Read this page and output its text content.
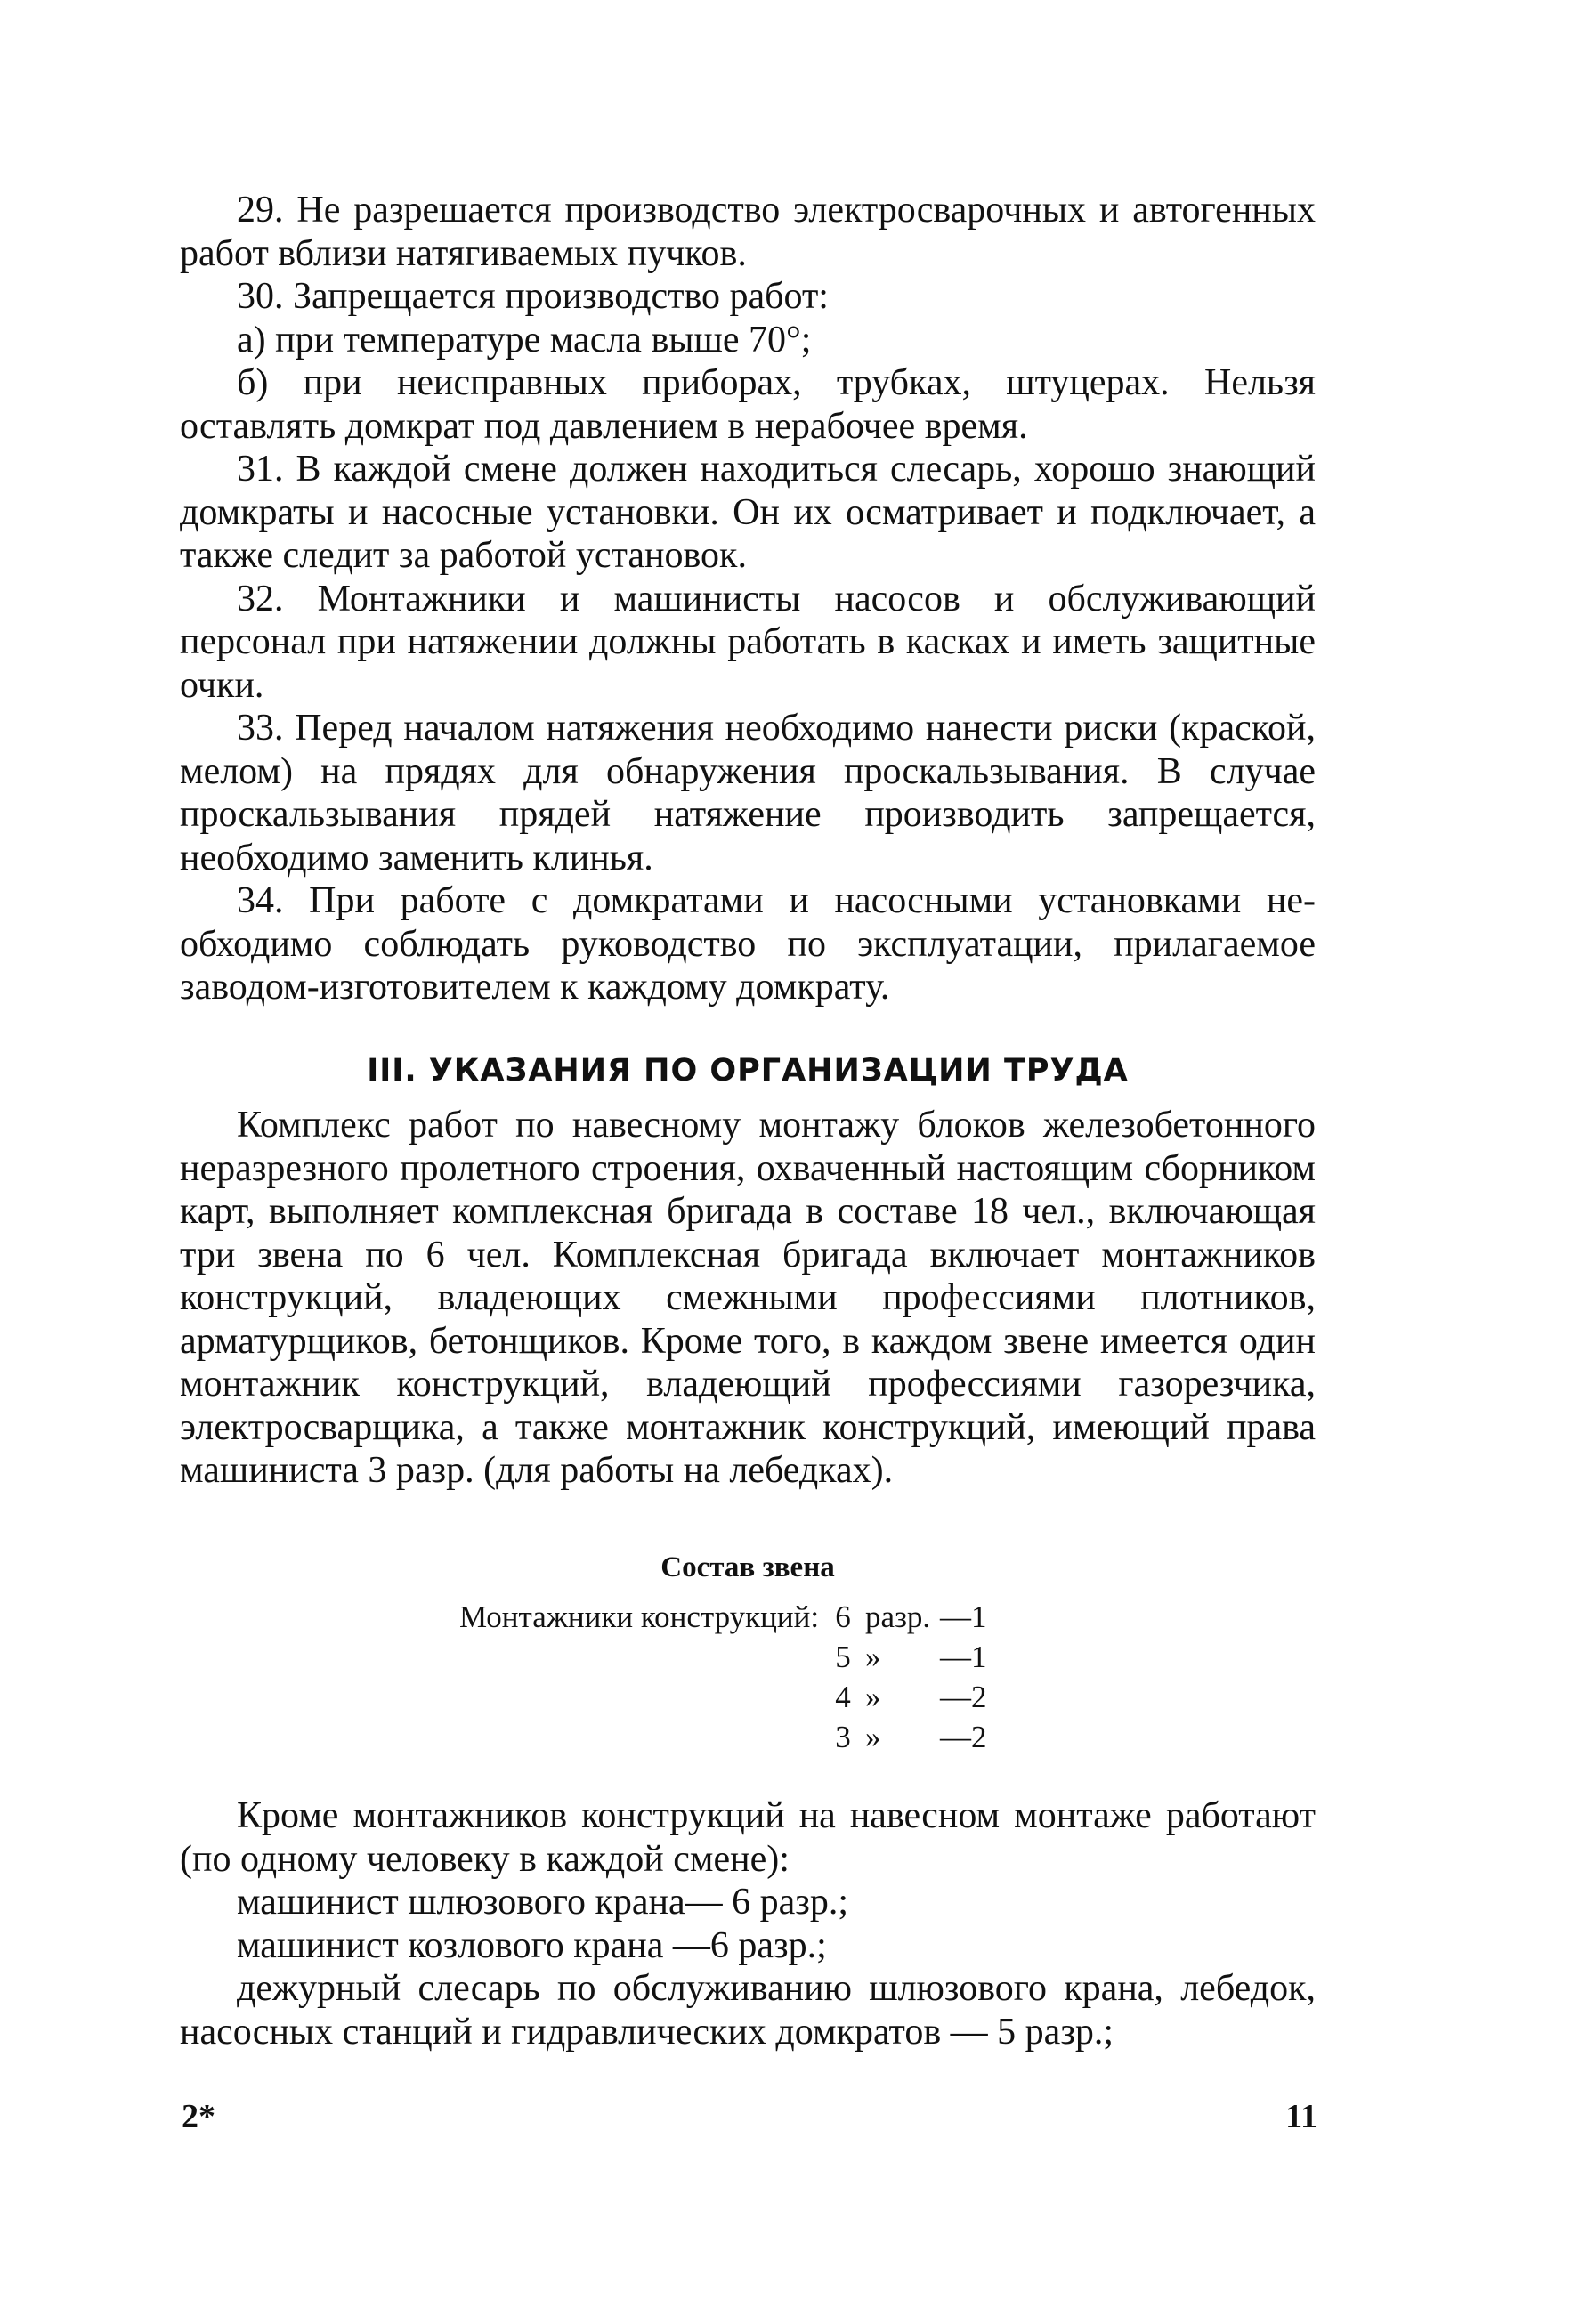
29. Не разрешается производство электросварочных и автогенных работ вблизи натягиваемых пучков.

30. Запрещается производство работ:

а) при температуре масла выше 70°;

б) при неисправных приборах, трубках, штуцерах. Нельзя оставлять домкрат под давлением в нерабочее время.

31. В каждой смене должен находиться слесарь, хорошо знающий домкраты и насосные установки. Он их осматривает и подключает, а также следит за работой установок.

32. Монтажники и машинисты насосов и обслуживающий персонал при натяжении должны работать в касках и иметь защитные очки.

33. Перед началом натяжения необходимо нанести риски (краской, мелом) на прядях для обнаружения проскальзывания. В случае проскальзывания прядей натяжение производить запрещается, необходимо заменить клинья.

34. При работе с домкратами и насосными установками необходимо соблюдать руководство по эксплуатации, прилагаемое заводом-изготовителем к каждому домкрату.

III. УКАЗАНИЯ ПО ОРГАНИЗАЦИИ ТРУДА

Комплекс работ по навесному монтажу блоков железобетонного неразрезного пролетного строения, охваченный настоящим сборником карт, выполняет комплексная бригада в составе 18 чел., включающая три звена по 6 чел. Комплексная бригада включает монтажников конструкций, владеющих смежными профессиями плотников, арматурщиков, бетонщиков. Кроме того, в каждом звене имеется один монтажник конструкций, владеющий профессиями газорезчика, электросварщика, а также монтажник конструкций, имеющий права машиниста 3 разр. (для работы на лебедках).

Состав звена
Монтажники конструкций:	6	разр.	—1
	5	»	—1
	4	»	—2
	3	»	—2

Кроме монтажников конструкций на навесном монтаже работают (по одному человеку в каждой смене):

машинист шлюзового крана— 6 разр.;

машинист козлового крана —6 разр.;

дежурный слесарь по обслуживанию шлюзового крана, лебедок, насосных станций и гидравлических домкратов — 5 разр.;

2*	11
